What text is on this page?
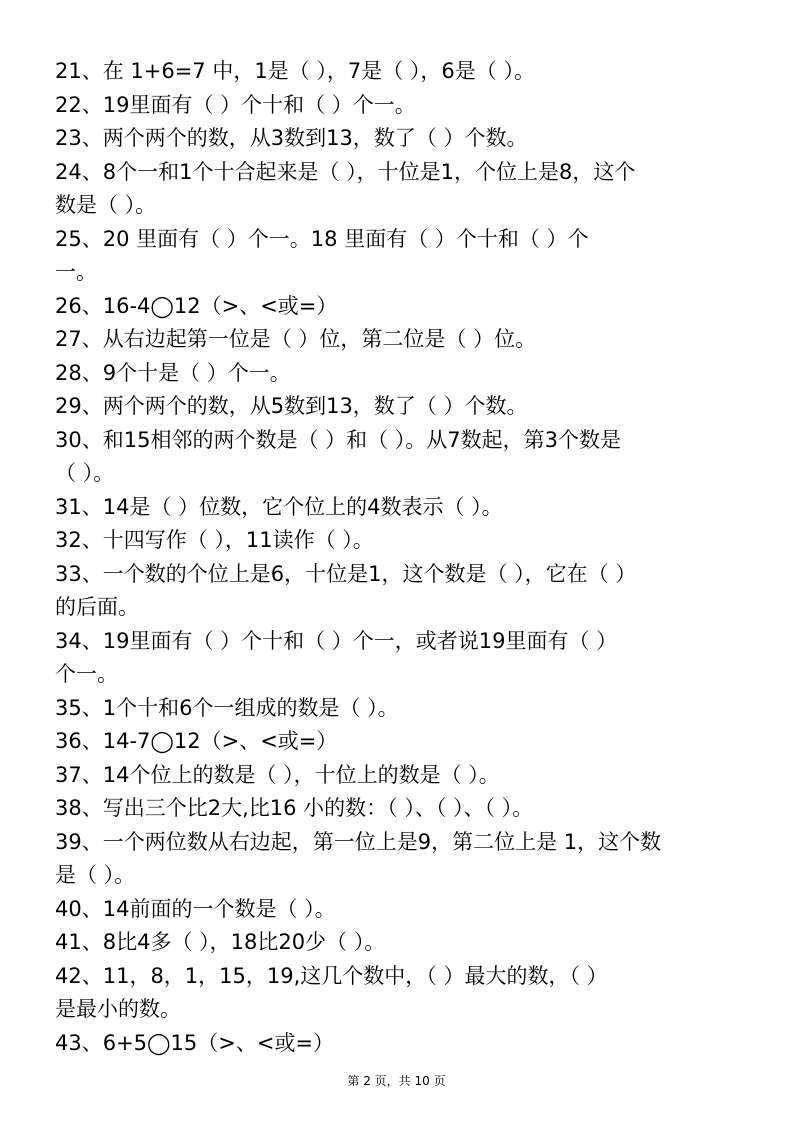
21、在 1+6=7 中，1是（ ），7是（ ），6是（ ）。
22、19里面有（ ）个十和（ ）个一。
23、两个两个的数，从3数到13，数了（ ）个数。
24、8个一和1个十合起来是（ ），十位是1，个位上是8，这个
数是（ ）。
25、20 里面有（ ）个一。18 里面有（ ）个十和（ ）个
一。
26、16-4◯12（>、<或=）
27、从右边起第一位是（ ）位，第二位是（ ）位。
28、9个十是（ ）个一。
29、两个两个的数，从5数到13，数了（ ）个数。
30、和15相邻的两个数是（ ）和（ ）。从7数起，第3个数是
（ ）。
31、14是（ ）位数，它个位上的4数表示（ ）。
32、十四写作（ ），11读作（ ）。
33、一个数的个位上是6，十位是1，这个数是（ ），它在（ ）
的后面。
34、19里面有（ ）个十和（ ）个一，或者说19里面有（ ）
个一。
35、1个十和6个一组成的数是（ ）。
36、14-7◯12（>、<或=）
37、14个位上的数是（ ），十位上的数是（ ）。
38、写出三个比2大,比16 小的数：（ ）、（ ）、（ ）。
39、一个两位数从右边起，第一位上是9，第二位上是 1，这个数
是（ ）。
40、14前面的一个数是（ ）。
41、8比4多（ ），18比20少（ ）。
42、11，8，1，15，19,这几个数中，（ ）最大的数，（ ）
是最小的数。
43、6+5◯15（>、<或=）
第 2 页，共 10 页
